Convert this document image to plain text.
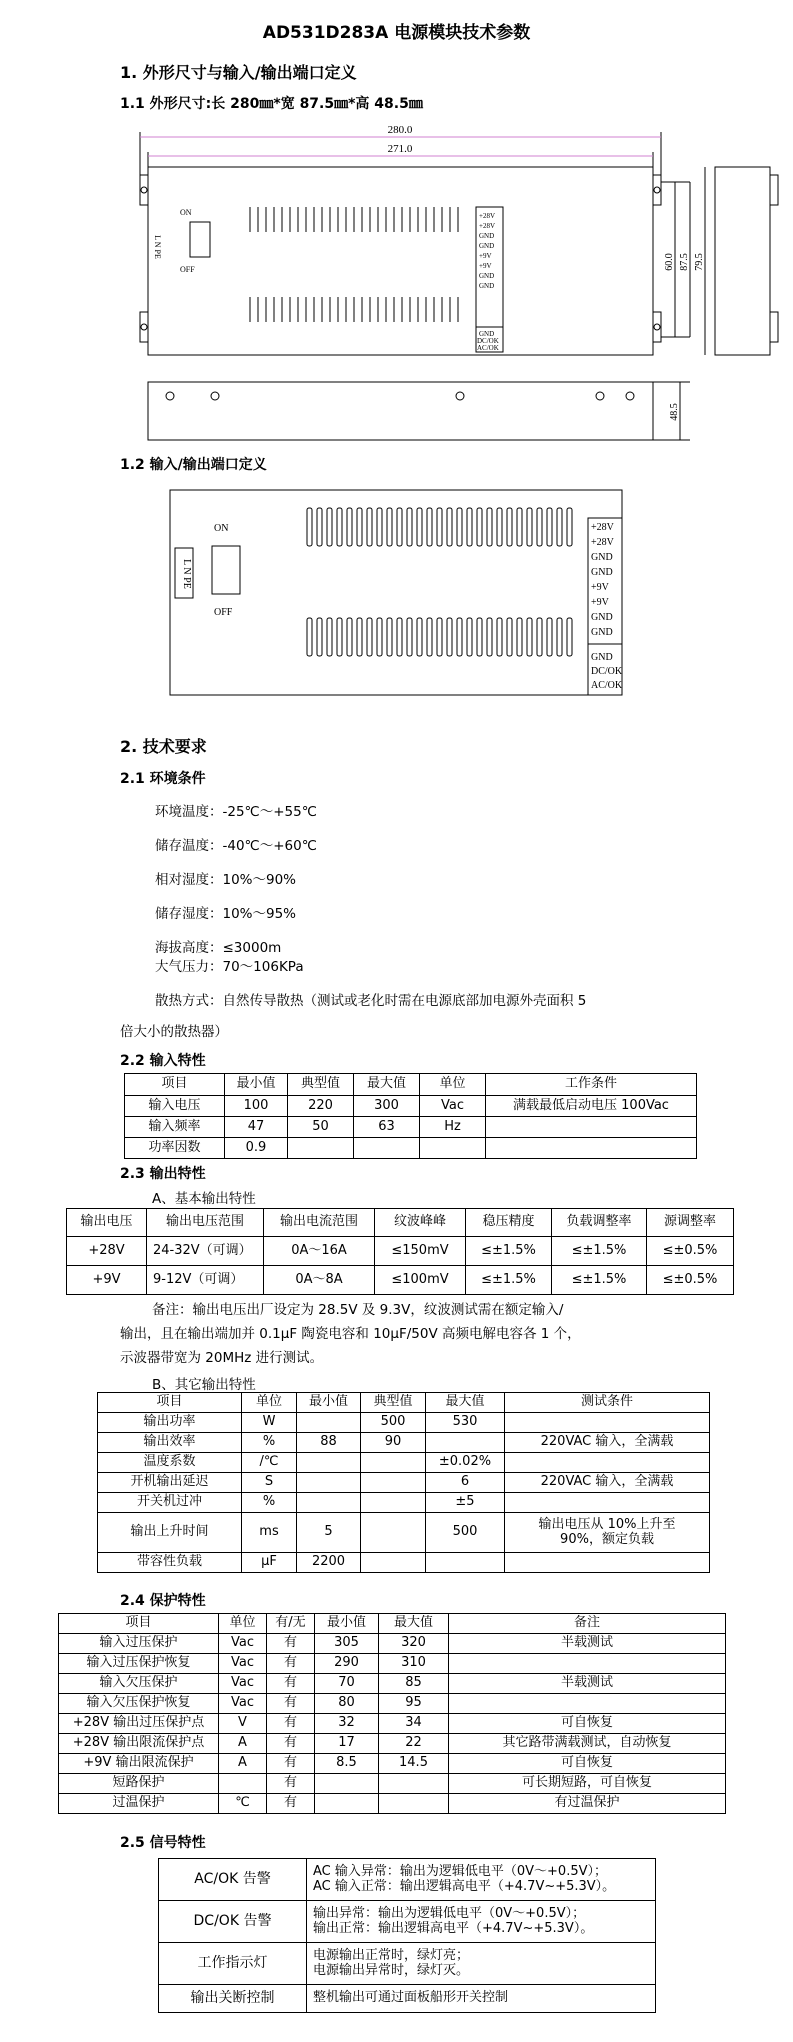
AD531D283A 电源模块技术参数
1. 外形尺寸与输入/输出端口定义
1.1 外形尺寸:长 280㎜*宽 87.5㎜*高 48.5㎜
280.0
271.0
ON
OFF
L N PE
+28V
+28V
GND
GND
+9V
+9V
GND
GND
GND
DC/OK
AC/OK
60.0 87.5 79.5
48.5
1.2 输入/输出端口定义
ON
OFF
L N PE
+28V
+28V
GND
GND
+9V
+9V
GND
GND
GND
DC/OK
AC/OK
2. 技术要求
2.1 环境条件
环境温度：-25℃～+55℃
储存温度：-40℃～+60℃
相对湿度：10%～90%
储存湿度：10%～95%
海拔高度：≤3000m
大气压力：70～106KPa
散热方式：自然传导散热（测试或老化时需在电源底部加电源外壳面积 5
倍大小的散热器）
2.2 输入特性
项目	最小值	典型值	最大值	单位	工作条件
输入电压	100	220	300	Vac	满载最低启动电压 100Vac
输入频率	47	50	63	Hz	
功率因数	0.9				
2.3 输出特性
A、基本输出特性
输出电压	输出电压范围	输出电流范围	纹波峰峰	稳压精度	负载调整率	源调整率
+28V	24-32V（可调）	0A～16A	≤150mV	≤±1.5%	≤±1.5%	≤±0.5%
+9V	9-12V（可调）	0A～8A	≤100mV	≤±1.5%	≤±1.5%	≤±0.5%
备注：输出电压出厂设定为 28.5V 及 9.3V，纹波测试需在额定输入/
输出，且在输出端加并 0.1μF 陶瓷电容和 10μF/50V 高频电解电容各 1 个，
示波器带宽为 20MHz 进行测试。
B、其它输出特性
项目	单位	最小值	典型值	最大值	测试条件
输出功率	W		500	530	
输出效率	%	88	90		220VAC 输入，全满载
温度系数	/℃			±0.02%	
开机输出延迟	S			6	220VAC 输入，全满载
开关机过冲	%			±5	
输出上升时间	ms	5		500	输出电压从 10%上升至
90%，额定负载

带容性负载	μF	2200			
2.4 保护特性
项目	单位	有/无	最小值	最大值	备注
输入过压保护	Vac	有	305	320	半载测试
输入过压保护恢复	Vac	有	290	310	
输入欠压保护	Vac	有	70	85	半载测试
输入欠压保护恢复	Vac	有	80	95	
+28V 输出过压保护点	V	有	32	34	可自恢复
+28V 输出限流保护点	A	有	17	22	其它路带满载测试，自动恢复
+9V 输出限流保护	A	有	8.5	14.5	可自恢复
短路保护		有			可长期短路，可自恢复
过温保护	℃	有			有过温保护
2.5 信号特性
AC/OK 告警	AC 输入异常：输出为逻辑低电平（0V～+0.5V）；
AC 输入正常：输出逻辑高电平（+4.7V~+5.3V）。

DC/OK 告警	输出异常：输出为逻辑低电平（0V～+0.5V）；
输出正常：输出逻辑高电平（+4.7V~+5.3V）。

工作指示灯	电源输出正常时，绿灯亮；
电源输出异常时，绿灯灭。

输出关断控制	整机输出可通过面板船形开关控制
